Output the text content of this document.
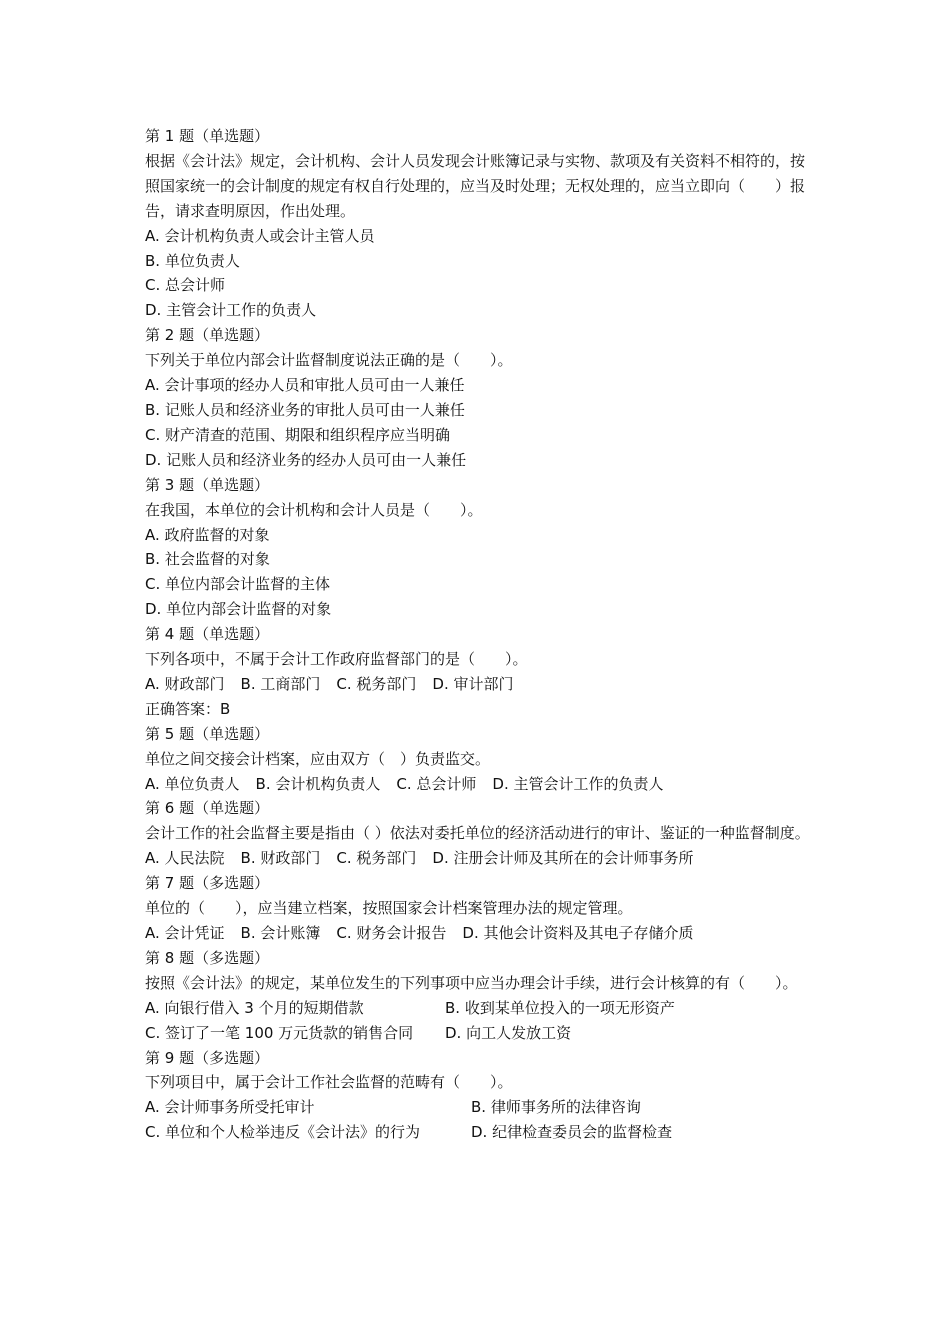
第 1 题（单选题）
根据《会计法》规定，会计机构、会计人员发现会计账簿记录与实物、款项及有关资料不相符的，按照国家统一的会计制度的规定有权自行处理的，应当及时处理；无权处理的，应当立即向（　　）报告，请求查明原因，作出处理。
A. 会计机构负责人或会计主管人员
B. 单位负责人
C. 总会计师
D. 主管会计工作的负责人
第 2 题（单选题）
下列关于单位内部会计监督制度说法正确的是（　　）。
A. 会计事项的经办人员和审批人员可由一人兼任
B. 记账人员和经济业务的审批人员可由一人兼任
C. 财产清查的范围、期限和组织程序应当明确
D. 记账人员和经济业务的经办人员可由一人兼任
第 3 题（单选题）
在我国，本单位的会计机构和会计人员是（　　）。
A. 政府监督的对象
B. 社会监督的对象
C. 单位内部会计监督的主体
D. 单位内部会计监督的对象
第 4 题（单选题）
下列各项中，不属于会计工作政府监督部门的是（　　）。
A. 财政部门 B. 工商部门 C. 税务部门 D. 审计部门
正确答案：B
第 5 题（单选题）
单位之间交接会计档案，应由双方（　）负责监交。
A. 单位负责人 B. 会计机构负责人 C. 总会计师 D. 主管会计工作的负责人
第 6 题（单选题）
会计工作的社会监督主要是指由（ ）依法对委托单位的经济活动进行的审计、鉴证的一种监督制度。
A. 人民法院 B. 财政部门 C. 税务部门 D. 注册会计师及其所在的会计师事务所
第 7 题（多选题）
单位的（　　），应当建立档案，按照国家会计档案管理办法的规定管理。
A. 会计凭证 B. 会计账簿 C. 财务会计报告 D. 其他会计资料及其电子存储介质
第 8 题（多选题）
按照《会计法》的规定，某单位发生的下列事项中应当办理会计手续，进行会计核算的有（　　）。
A. 向银行借入 3 个月的短期借款	B. 收到某单位投入的一项无形资产
C. 签订了一笔 100 万元货款的销售合同	D. 向工人发放工资
第 9 题（多选题）
下列项目中，属于会计工作社会监督的范畴有（　　）。
A. 会计师事务所受托审计	B. 律师事务所的法律咨询
C. 单位和个人检举违反《会计法》的行为	D. 纪律检查委员会的监督检查
